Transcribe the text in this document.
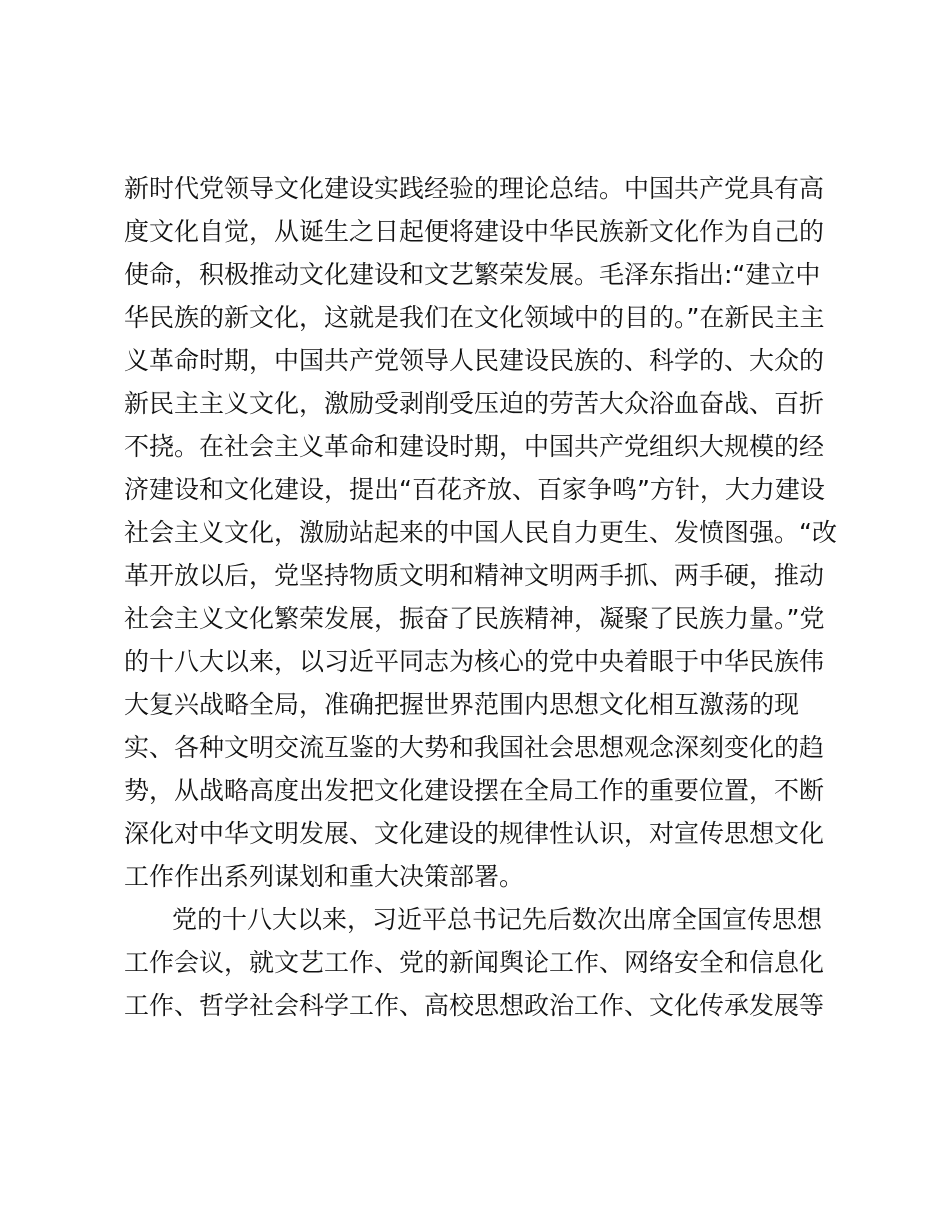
新时代党领导文化建设实践经验的理论总结。中国共产党具有高
度文化自觉，从诞生之日起便将建设中华民族新文化作为自己的
使命，积极推动文化建设和文艺繁荣发展。毛泽东指出:“建立中
华民族的新文化，这就是我们在文化领域中的目的。”在新民主主
义革命时期，中国共产党领导人民建设民族的、科学的、大众的
新民主主义文化，激励受剥削受压迫的劳苦大众浴血奋战、百折
不挠。在社会主义革命和建设时期，中国共产党组织大规模的经
济建设和文化建设，提出“百花齐放、百家争鸣”方针，大力建设
社会主义文化，激励站起来的中国人民自力更生、发愤图强。“改
革开放以后，党坚持物质文明和精神文明两手抓、两手硬，推动
社会主义文化繁荣发展，振奋了民族精神，凝聚了民族力量。”党
的十八大以来，以习近平同志为核心的党中央着眼于中华民族伟
大复兴战略全局，准确把握世界范围内思想文化相互激荡的现
实、各种文明交流互鉴的大势和我国社会思想观念深刻变化的趋
势，从战略高度出发把文化建设摆在全局工作的重要位置，不断
深化对中华文明发展、文化建设的规律性认识，对宣传思想文化
工作作出系列谋划和重大决策部署。
党的十八大以来，习近平总书记先后数次出席全国宣传思想
工作会议，就文艺工作、党的新闻舆论工作、网络安全和信息化
工作、哲学社会科学工作、高校思想政治工作、文化传承发展等
